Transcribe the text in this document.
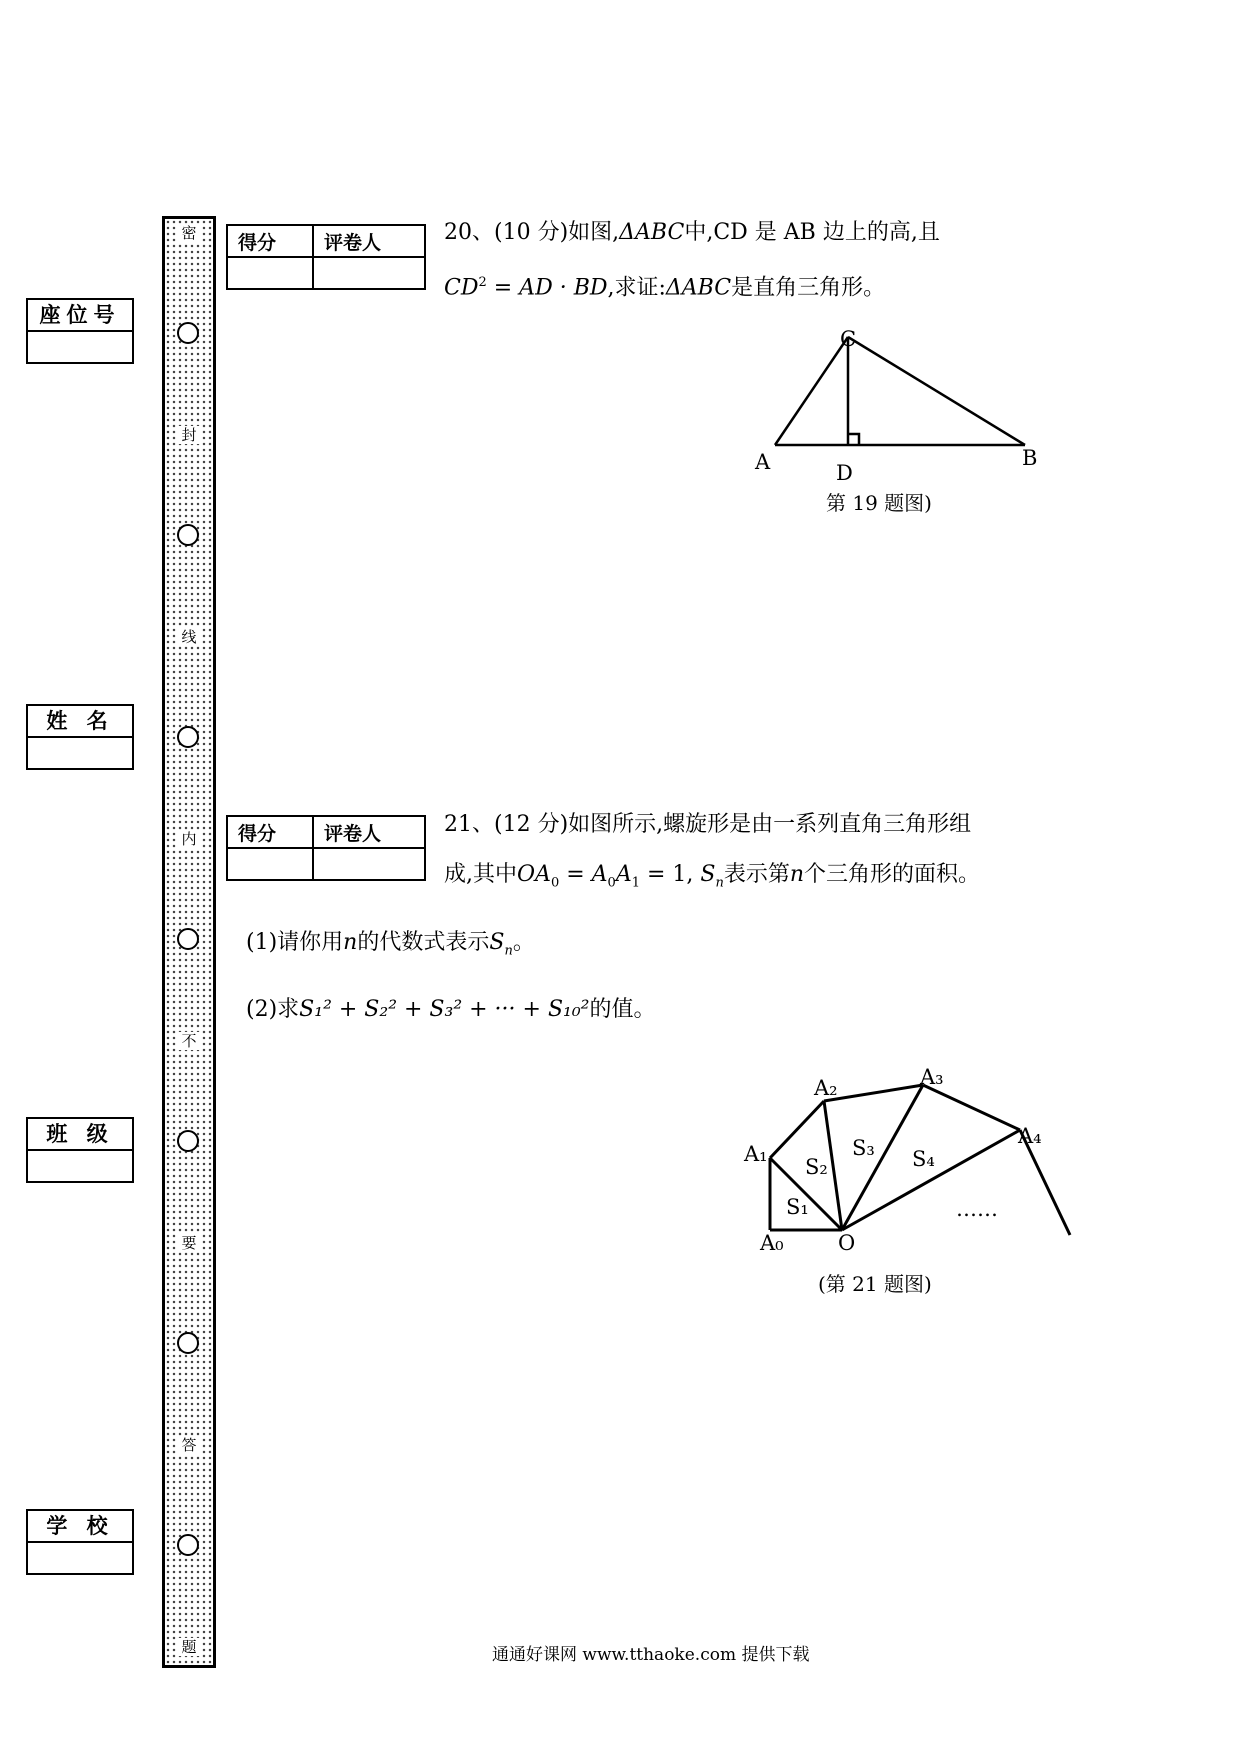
座位号
姓 名
班 级
学 校
密
封
线
内
不
要
答
题
得分	评卷人
		20、(10 分)如图,ΔABC中,CD 是 AB 边上的高,且
$CD^2$ = AD · BD,求证:ΔABC是直角三角形。
C
A	B
D
第 19 题图)
得分	评卷人
		21、(12 分)如图所示,螺旋形是由一系列直角三角形组
成,其中$OA_0 = A_0A_1 = 1$, $S_n$表示第n个三角形的面积。
(1)请你用n的代数式表示$S_n$。
(2)求S₁² + S₂² + S₃² + ··· + S₁₀²的值。
A₀	O
A₁
A₂	A₃
A₄
S₁
S₂
S₃ S₄
……
(第 21 题图)
通通好课网 www.tthaoke.com 提供下载
